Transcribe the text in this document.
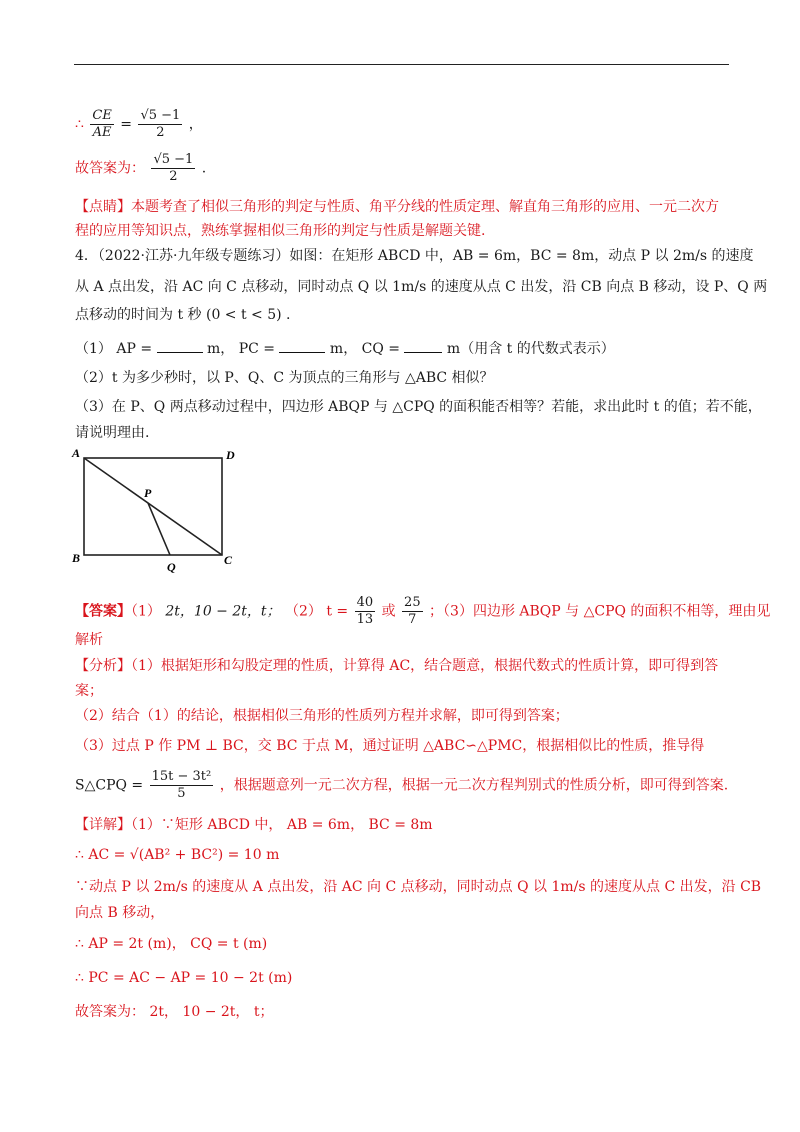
∴ $\frac{CE}{AE} = \frac{√5 -1}{2}$ ，
故答案为： $\frac{√5 -1}{2}$ .
【点睛】本题考查了相似三角形的判定与性质、角平分线的性质定理、解直角三角形的应用、一元二次方
程的应用等知识点，熟练掌握相似三角形的判定与性质是解题关键.
4．（2022·江苏·九年级专题练习）如图：在矩形 ABCD 中，AB = 6m，BC = 8m，动点 P 以 2m/s 的速度
从 A 点出发，沿 AC 向 C 点移动，同时动点 Q 以 1m/s 的速度从点 C 出发，沿 CB 向点 B 移动，设 P、Q 两
点移动的时间为 t 秒 (0 < t < 5) .
（1） AP =	m， PC =	m， CQ =	m（用含 t 的代数式表示）
（2）t 为多少秒时，以 P、Q、C 为顶点的三角形与 △ABC 相似？
（3）在 P、Q 两点移动过程中，四边形 ABQP 与 △CPQ 的面积能否相等？若能，求出此时 t 的值；若不能，
请说明理由.
A	D
B	C
P
Q
【答案】（1） 2t，10 − 2t，t； （2） $t = \frac{40}{13}$ 或 $\frac{25}{7}$ ；（3）四边形 ABQP 与 △CPQ 的面积不相等，理由见
解析
【分析】（1）根据矩形和勾股定理的性质，计算得 AC，结合题意，根据代数式的性质计算，即可得到答
案；
（2）结合（1）的结论，根据相似三角形的性质列方程并求解，即可得到答案；
（3）过点 P 作 PM ⊥ BC，交 BC 于点 M，通过证明 △ABC∽△PMC，根据相似比的性质，推导得
S△CPQ = $\frac{\text{15t − 3t²}}{5}$ ，根据题意列一元二次方程，根据一元二次方程判别式的性质分析，即可得到答案.
【详解】（1）∵矩形 ABCD 中， AB = 6m， BC = 8m
∴ AC = √(AB² + BC²) = 10 m
∵动点 P 以 2m/s 的速度从 A 点出发，沿 AC 向 C 点移动，同时动点 Q 以 1m/s 的速度从点 C 出发，沿 CB
向点 B 移动，
∴ AP = 2t (m)， CQ = t (m)
∴ PC = AC − AP = 10 − 2t (m)
故答案为： 2t， 10 − 2t， t；
